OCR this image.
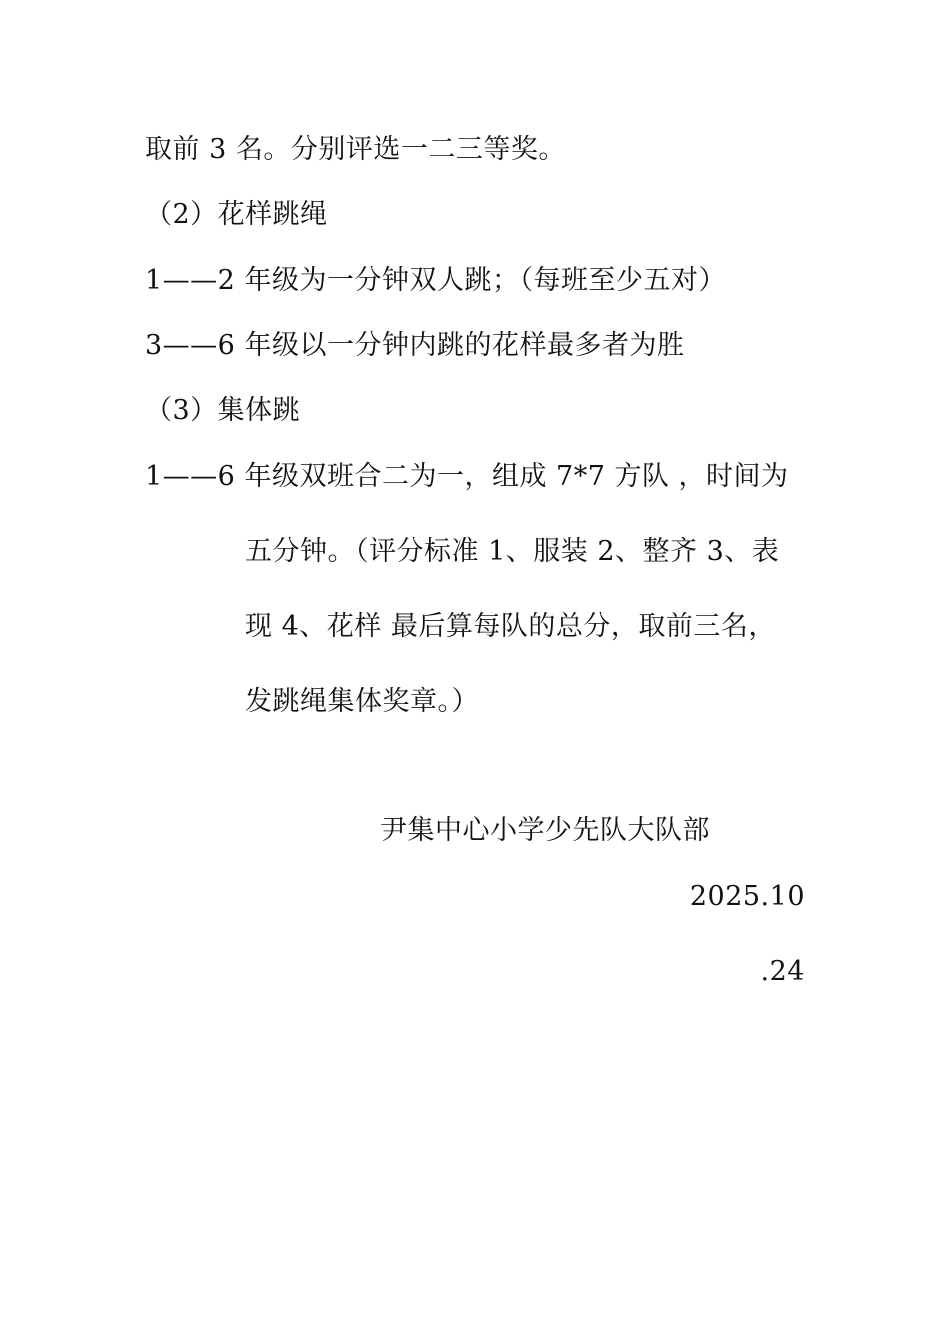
取前 3 名。分别评选一二三等奖。
（2）花样跳绳
1——2 年级为一分钟双人跳；（每班至少五对）
3——6 年级以一分钟内跳的花样最多者为胜
（3）集体跳
1——6 年级双班合二为一，组成 7*7 方队 ，时间为
五分钟。（评分标准 1、服装 2、整齐 3、表
现 4、花样 最后算每队的总分，取前三名，
发跳绳集体奖章。）
尹集中心小学少先队大队部
2025.10
.24
